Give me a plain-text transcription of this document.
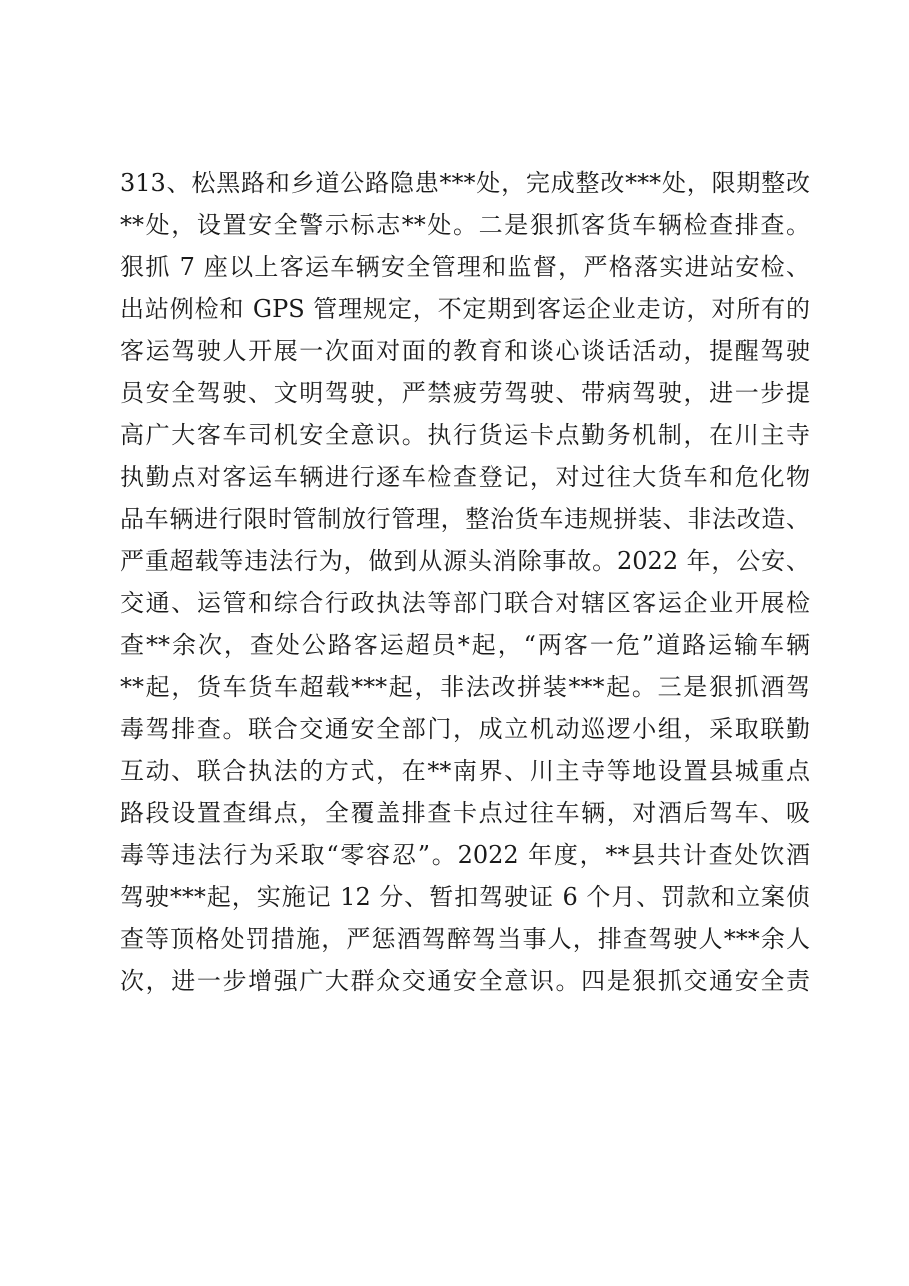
313、松黑路和乡道公路隐患***处，完成整改***处，限期整改
**处，设置安全警示标志**处。二是狠抓客货车辆检查排查。
狠抓 7 座以上客运车辆安全管理和监督，严格落实进站安检、
出站例检和 GPS 管理规定，不定期到客运企业走访，对所有的
客运驾驶人开展一次面对面的教育和谈心谈话活动，提醒驾驶
员安全驾驶、文明驾驶，严禁疲劳驾驶、带病驾驶，进一步提
高广大客车司机安全意识。执行货运卡点勤务机制，在川主寺
执勤点对客运车辆进行逐车检查登记，对过往大货车和危化物
品车辆进行限时管制放行管理，整治货车违规拼装、非法改造、
严重超载等违法行为，做到从源头消除事故。2022 年，公安、
交通、运管和综合行政执法等部门联合对辖区客运企业开展检
查**余次，查处公路客运超员*起，“两客一危”道路运输车辆
**起，货车货车超载***起，非法改拼装***起。三是狠抓酒驾
毒驾排查。联合交通安全部门，成立机动巡逻小组，采取联勤
互动、联合执法的方式，在**南界、川主寺等地设置县城重点
路段设置查缉点，全覆盖排查卡点过往车辆，对酒后驾车、吸
毒等违法行为采取“零容忍”。2022 年度，**县共计查处饮酒
驾驶***起，实施记 12 分、暂扣驾驶证 6 个月、罚款和立案侦
查等顶格处罚措施，严惩酒驾醉驾当事人，排查驾驶人***余人
次，进一步增强广大群众交通安全意识。四是狠抓交通安全责
